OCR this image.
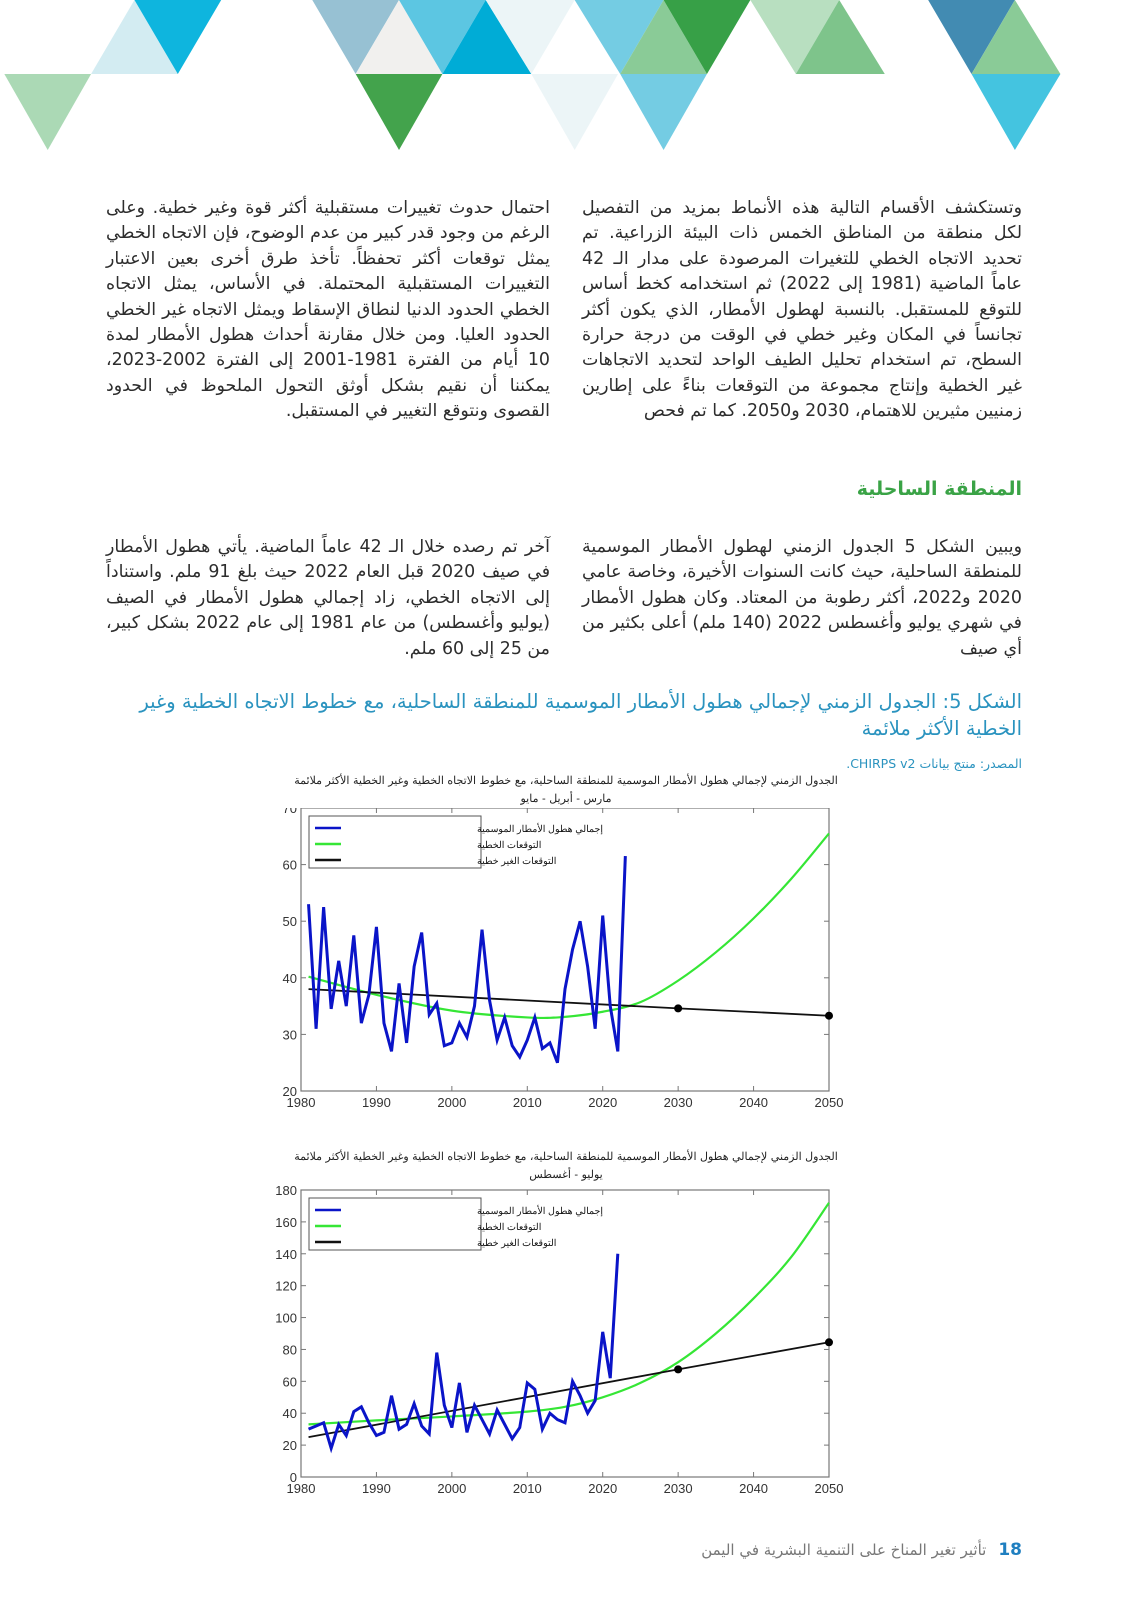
وتستكشف الأقسام التالية هذه الأنماط بمزيد من التفصيل لكل منطقة من المناطق الخمس ذات البيئة الزراعية. تم تحديد الاتجاه الخطي للتغيرات المرصودة على مدار الـ 42 عاماً الماضية (1981 إلى 2022) ثم استخدامه كخط أساس للتوقع للمستقبل. بالنسبة لهطول الأمطار، الذي يكون أكثر تجانساً في المكان وغير خطي في الوقت من درجة حرارة السطح، تم استخدام تحليل الطيف الواحد لتحديد الاتجاهات غير الخطية وإنتاج مجموعة من التوقعات بناءً على إطارين زمنيين مثيرين للاهتمام، 2030 و2050. كما تم فحص
احتمال حدوث تغييرات مستقبلية أكثر قوة وغير خطية. وعلى الرغم من وجود قدر كبير من عدم الوضوح، فإن الاتجاه الخطي يمثل توقعات أكثر تحفظاً. تأخذ طرق أخرى بعين الاعتبار التغييرات المستقبلية المحتملة. في الأساس، يمثل الاتجاه الخطي الحدود الدنيا لنطاق الإسقاط ويمثل الاتجاه غير الخطي الحدود العليا. ومن خلال مقارنة أحداث هطول الأمطار لمدة 10 أيام من الفترة 1981-2001 إلى الفترة 2002-2023، يمكننا أن نقيم بشكل أوثق التحول الملحوظ في الحدود القصوى ونتوقع التغيير في المستقبل.
المنطقة الساحلية
ويبين الشكل 5 الجدول الزمني لهطول الأمطار الموسمية للمنطقة الساحلية، حيث كانت السنوات الأخيرة، وخاصة عامي 2020 و2022، أكثر رطوبة من المعتاد. وكان هطول الأمطار في شهري يوليو وأغسطس 2022 (140 ملم) أعلى بكثير من أي صيف
آخر تم رصده خلال الـ 42 عاماً الماضية. يأتي هطول الأمطار في صيف 2020 قبل العام 2022 حيث بلغ 91 ملم. واستناداً إلى الاتجاه الخطي، زاد إجمالي هطول الأمطار في الصيف (يوليو وأغسطس) من عام 1981 إلى عام 2022 بشكل كبير، من 25 إلى 60 ملم.
الشكل 5: الجدول الزمني لإجمالي هطول الأمطار الموسمية للمنطقة الساحلية، مع خطوط الاتجاه الخطية وغير الخطية الأكثر ملائمة
المصدر: منتج بيانات CHIRPS v2.
الجدول الزمني لإجمالي هطول الأمطار الموسمية للمنطقة الساحلية، مع خطوط الاتجاه الخطية وغير الخطية الأكثر ملائمة
مارس - أبريل - مايو
1980	1990	2000	2010	2020	2030	2040	2050
20
30
40
50
60
70
إجمالي هطول الأمطار الموسمية
التوقعات الخطية
التوقعات الغير خطية
الجدول الزمني لإجمالي هطول الأمطار الموسمية للمنطقة الساحلية، مع خطوط الاتجاه الخطية وغير الخطية الأكثر ملائمة
يوليو - أغسطس
1980	1990	2000	2010	2020	2030	2040	2050
0
20
40
60
80
100
120
140
160
180
إجمالي هطول الأمطار الموسمية
التوقعات الخطية
التوقعات الغير خطية
18
تأثير تغير المناخ على التنمية البشرية في اليمن
